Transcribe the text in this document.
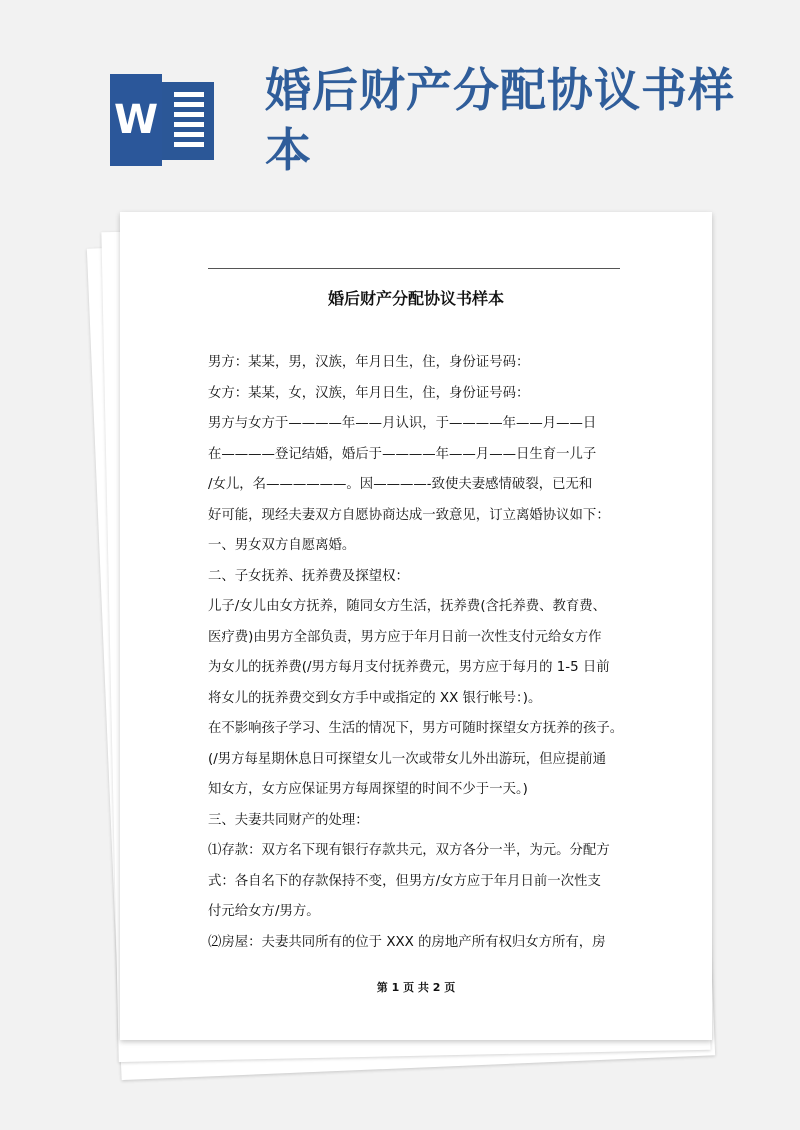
W
婚后财产分配协议书样本
婚后财产分配协议书样本

男方：某某，男，汉族，年月日生，住，身份证号码：

女方：某某，女，汉族，年月日生，住，身份证号码：

男方与女方于————年——月认识，于————年——月——日

在————登记结婚，婚后于————年——月——日生育一儿子

/女儿，名——————。因————-致使夫妻感情破裂，已无和

好可能，现经夫妻双方自愿协商达成一致意见，订立离婚协议如下：

一、男女双方自愿离婚。

二、子女抚养、抚养费及探望权：

儿子/女儿由女方抚养，随同女方生活，抚养费(含托养费、教育费、

医疗费)由男方全部负责，男方应于年月日前一次性支付元给女方作

为女儿的抚养费(/男方每月支付抚养费元，男方应于每月的 1-5 日前

将女儿的抚养费交到女方手中或指定的 XX 银行帐号：)。

在不影响孩子学习、生活的情况下，男方可随时探望女方抚养的孩子。

(/男方每星期休息日可探望女儿一次或带女儿外出游玩，但应提前通

知女方，女方应保证男方每周探望的时间不少于一天。)

三、夫妻共同财产的处理：

⑴存款：双方名下现有银行存款共元，双方各分一半，为元。分配方

式：各自名下的存款保持不变，但男方/女方应于年月日前一次性支

付元给女方/男方。

⑵房屋：夫妻共同所有的位于 XXX 的房地产所有权归女方所有，房

第 1 页 共 2 页
